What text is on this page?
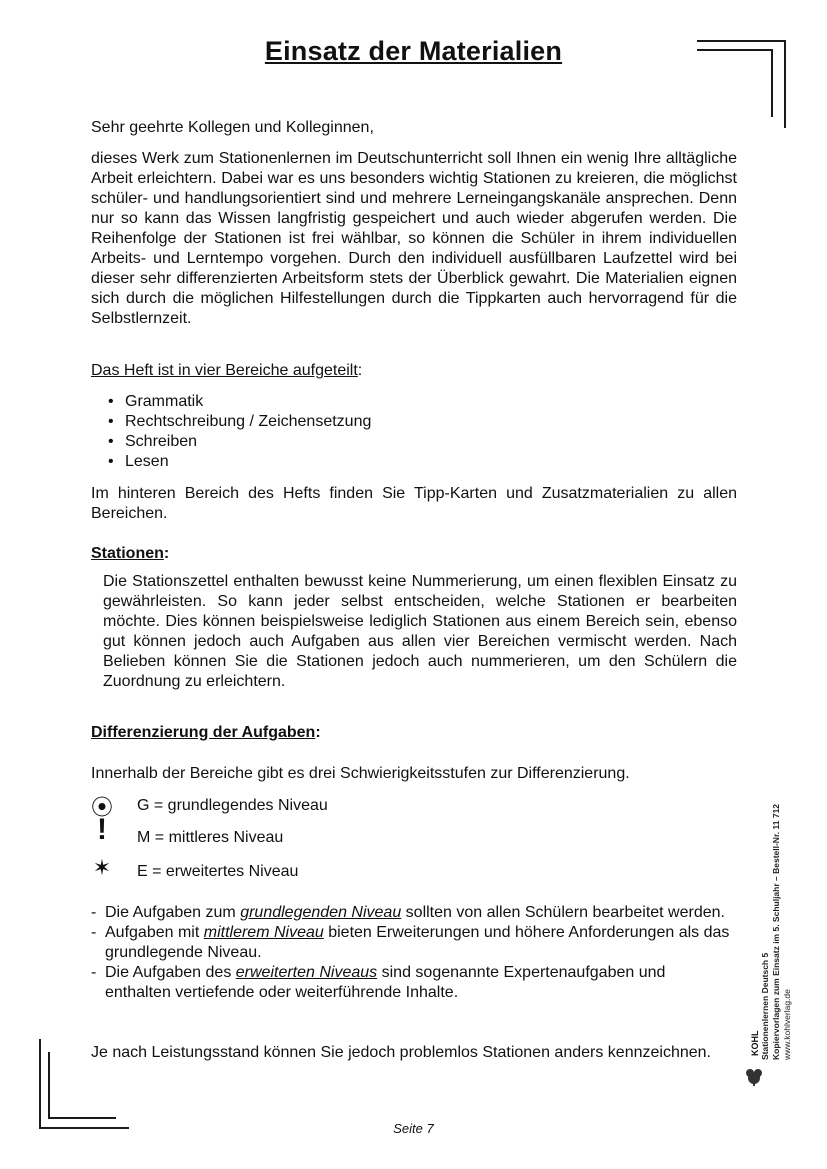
Einsatz der Materialien

Sehr geehrte Kollegen und Kolleginnen,

dieses Werk zum Stationenlernen im Deutschunterricht soll Ihnen ein wenig Ihre alltägliche Arbeit erleichtern. Dabei war es uns besonders wichtig Stationen zu kreieren, die möglichst schüler- und handlungsorientiert sind und mehrere Lerneingangskanäle ansprechen. Denn nur so kann das Wissen langfristig gespeichert und auch wieder abgerufen werden. Die Reihenfolge der Stationen ist frei wählbar, so können die Schüler in ihrem individuellen Arbeits- und Lerntempo vorgehen. Durch den individuell ausfüllbaren Laufzettel wird bei dieser sehr differenzierten Arbeitsform stets der Überblick gewahrt. Die Materialien eignen sich durch die möglichen Hilfestellungen durch die Tippkarten auch hervorragend für die Selbstlernzeit.

Das Heft ist in vier Bereiche aufgeteilt:
• Grammatik
• Rechtschreibung / Zeichensetzung
• Schreiben
• Lesen

Im hinteren Bereich des Hefts finden Sie Tipp-Karten und Zusatzmaterialien zu allen Bereichen.

Stationen:

Die Stationszettel enthalten bewusst keine Nummerierung, um einen flexiblen Einsatz zu gewährleisten. So kann jeder selbst entscheiden, welche Stationen er bearbeiten möchte. Dies können beispielsweise lediglich Stationen aus einem Bereich sein, ebenso gut können jedoch auch Aufgaben aus allen vier Bereichen vermischt werden. Nach Belieben können Sie die Stationen jedoch auch nummerieren, um den Schülern die Zuordnung zu erleichtern.

Differenzierung der Aufgaben:

Innerhalb der Bereiche gibt es drei Schwierigkeitsstufen zur Differenzierung.

⦿ G = grundlegendes Niveau
!	M = mittleres Niveau
✶ E = erweitertes Niveau
- Die Aufgaben zum grundlegenden Niveau sollten von allen Schülern bearbeitet werden.
- Aufgaben mit mittlerem Niveau bieten Erweiterungen und höhere Anforderungen als das grundlegende Niveau.
- Die Aufgaben des erweiterten Niveaus sind sogenannte Expertenaufgaben und enthalten vertiefende oder weiterführende Inhalte.

Je nach Leistungsstand können Sie jedoch problemlos Stationen anders kennzeichnen.	Stationenlernen Deutsch 5 Kopiervorlagen zum Einsatz im 5. Schuljahr – Bestell-Nr. 11 712 www.kohlverlag.de
KOHL
Seite 7
